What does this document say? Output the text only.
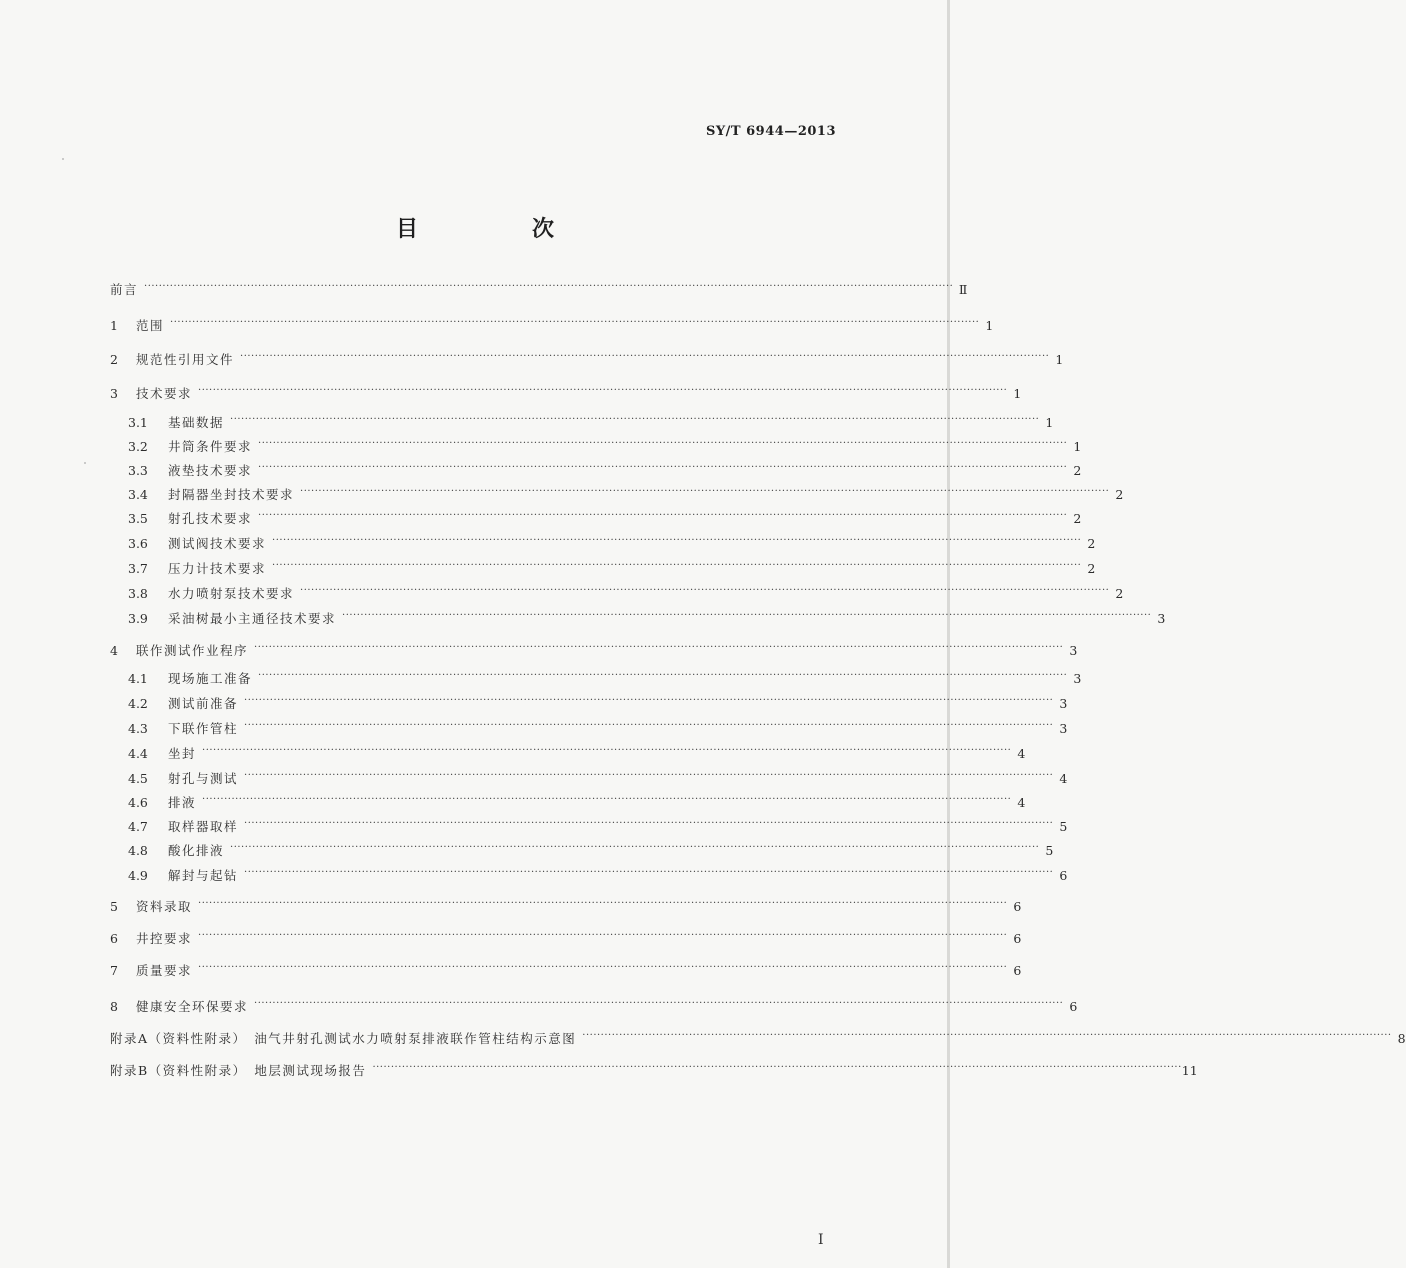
SY/T 6944—2013
目　次
前言 ···························································································································································································································· Ⅱ
1	范围 ···························································································································································································································· 1
2	规范性引用文件 ···························································································································································································································· 1
3	技术要求 ···························································································································································································································· 1
3.1	基础数据 ···························································································································································································································· 1
3.2	井筒条件要求 ···························································································································································································································· 1
3.3	液垫技术要求 ···························································································································································································································· 2
3.4	封隔器坐封技术要求 ···························································································································································································································· 2
3.5	射孔技术要求 ···························································································································································································································· 2
3.6	测试阀技术要求 ···························································································································································································································· 2
3.7	压力计技术要求 ···························································································································································································································· 2
3.8	水力喷射泵技术要求 ···························································································································································································································· 2
3.9	采油树最小主通径技术要求 ···························································································································································································································· 3
4	联作测试作业程序 ···························································································································································································································· 3
4.1	现场施工准备 ···························································································································································································································· 3
4.2	测试前准备 ···························································································································································································································· 3
4.3	下联作管柱 ···························································································································································································································· 3
4.4	坐封 ···························································································································································································································· 4
4.5	射孔与测试 ···························································································································································································································· 4
4.6	排液 ···························································································································································································································· 4
4.7	取样器取样 ···························································································································································································································· 5
4.8	酸化排液 ···························································································································································································································· 5
4.9	解封与起钻 ···························································································································································································································· 6
5	资料录取 ···························································································································································································································· 6
6	井控要求 ···························································································································································································································· 6
7	质量要求 ···························································································································································································································· 6
8	健康安全环保要求 ···························································································································································································································· 6
附录A（资料性附录）　油气井射孔测试水力喷射泵排液联作管柱结构示意图 ···························································································································································································································· 8
附录B（资料性附录）　地层测试现场报告 ···························································································································································································································· 11
Ⅰ
